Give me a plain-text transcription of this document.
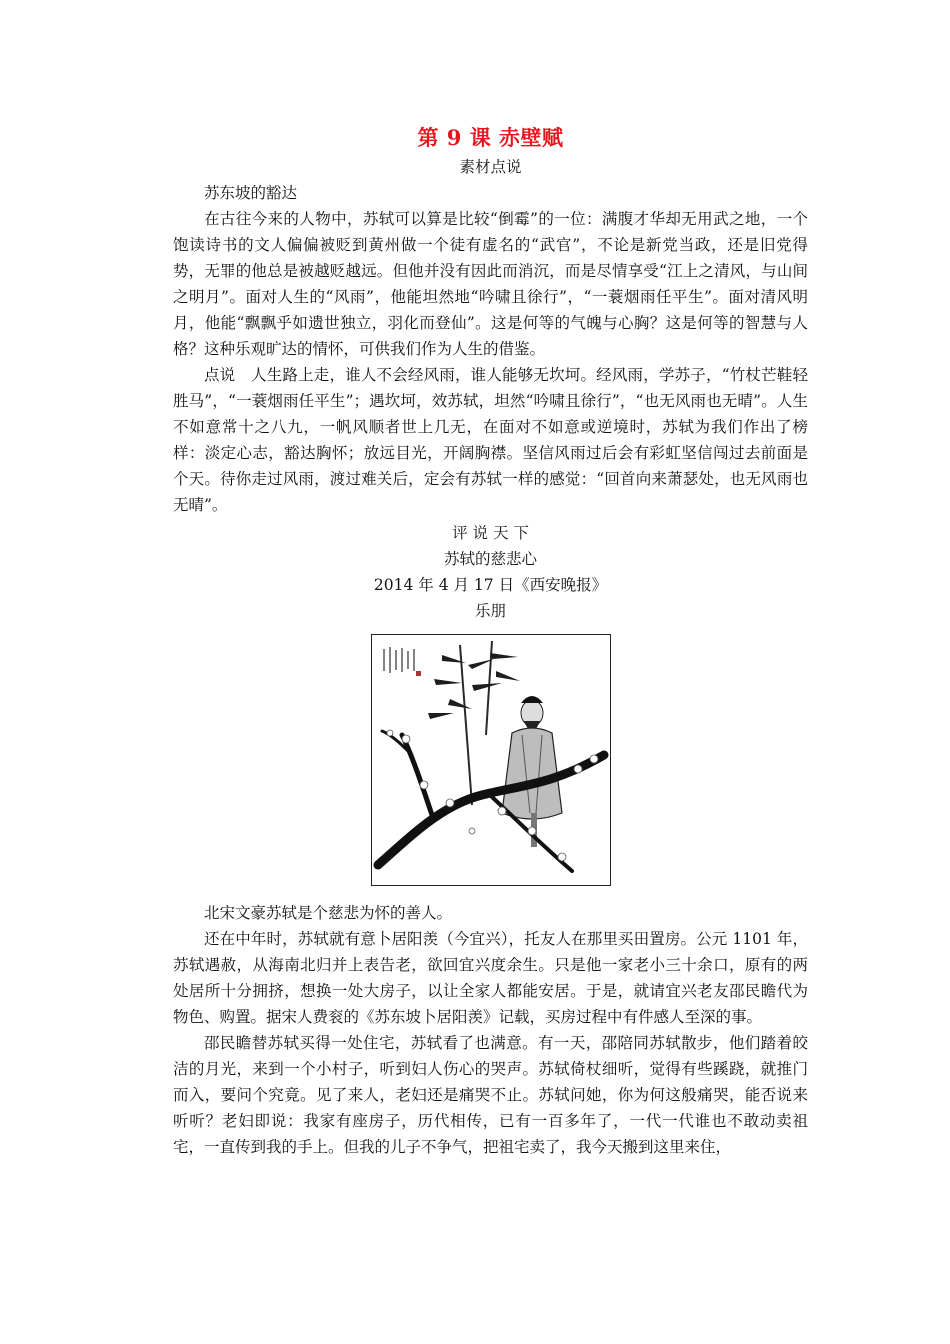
第 9 课 赤壁赋
素材点说
苏东坡的豁达

在古往今来的人物中，苏轼可以算是比较“倒霉”的一位：满腹才华却无用武之地，一个饱读诗书的文人偏偏被贬到黄州做一个徒有虚名的“武官”，不论是新党当政，还是旧党得势，无罪的他总是被越贬越远。但他并没有因此而消沉，而是尽情享受“江上之清风，与山间之明月”。面对人生的“风雨”，他能坦然地“吟啸且徐行”，“一蓑烟雨任平生”。面对清风明月，他能“飘飘乎如遗世独立，羽化而登仙”。这是何等的气魄与心胸？这是何等的智慧与人格？这种乐观旷达的情怀，可供我们作为人生的借鉴。

点说 人生路上走，谁人不会经风雨，谁人能够无坎坷。经风雨，学苏子，“竹杖芒鞋轻胜马”，“一蓑烟雨任平生”；遇坎坷，效苏轼，坦然“吟啸且徐行”，“也无风雨也无晴”。人生不如意常十之八九，一帆风顺者世上几无，在面对不如意或逆境时，苏轼为我们作出了榜样：淡定心志，豁达胸怀；放远目光，开阔胸襟。坚信风雨过后会有彩虹坚信闯过去前面是个天。待你走过风雨，渡过难关后，定会有苏轼一样的感觉：“回首向来萧瑟处，也无风雨也无晴”。

评 说 天 下
苏轼的慈悲心
2014 年 4 月 17 日《西安晚报》
乐朋

北宋文豪苏轼是个慈悲为怀的善人。

还在中年时，苏轼就有意卜居阳羡（今宜兴），托友人在那里买田置房。公元 1101 年，苏轼遇赦，从海南北归并上表告老，欲回宜兴度余生。只是他一家老小三十余口，原有的两处居所十分拥挤，想换一处大房子，以让全家人都能安居。于是，就请宜兴老友邵民瞻代为物色、购置。据宋人费衮的《苏东坡卜居阳羡》记载，买房过程中有件感人至深的事。

邵民瞻替苏轼买得一处住宅，苏轼看了也满意。有一天，邵陪同苏轼散步，他们踏着皎洁的月光，来到一个小村子，听到妇人伤心的哭声。苏轼倚杖细听，觉得有些蹊跷，就推门而入，要问个究竟。见了来人，老妇还是痛哭不止。苏轼问她，你为何这般痛哭，能否说来听听？老妇即说：我家有座房子，历代相传，已有一百多年了，一代一代谁也不敢动卖祖宅，一直传到我的手上。但我的儿子不争气，把祖宅卖了，我今天搬到这里来住，
